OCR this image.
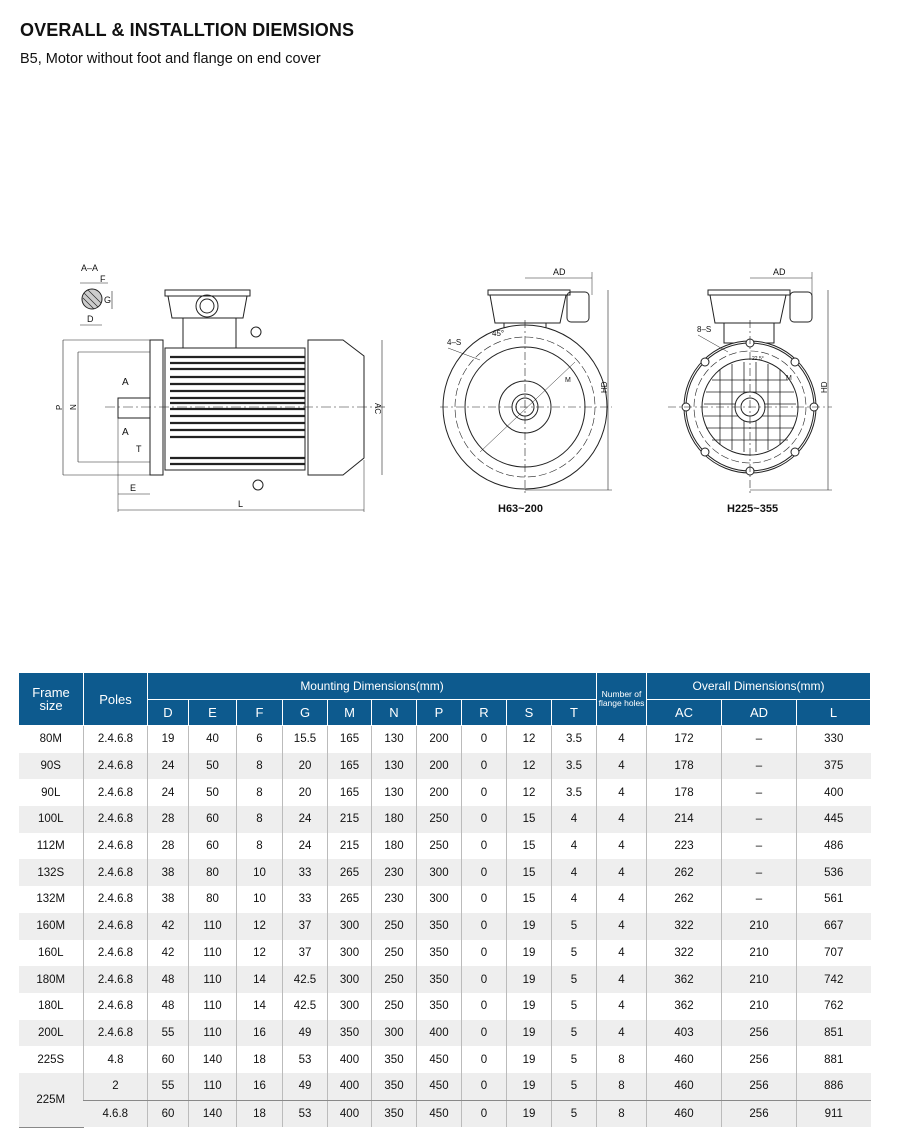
OVERALL & INSTALLTION DIEMSIONS
B5, Motor without foot and flange on end cover
A–A
F
G
D
P N
A
A
T
E
L
AC
M
4–S
45°
AD
HD
H63~200
M
8–S
22.5°
AD
HD
H225~355
Frame size	Poles	Mounting Dimensions(mm)										Number of flange holes	Overall Dimensions(mm)		
		D	E	F	G	M	N	P	R	S	T		AC	AD	L
80M	2.4.6.8	19	40	6	15.5	165	130	200	0	12	3.5	4	172	–	330
90S	2.4.6.8	24	50	8	20	165	130	200	0	12	3.5	4	178	–	375
90L	2.4.6.8	24	50	8	20	165	130	200	0	12	3.5	4	178	–	400
100L	2.4.6.8	28	60	8	24	215	180	250	0	15	4	4	214	–	445
112M	2.4.6.8	28	60	8	24	215	180	250	0	15	4	4	223	–	486
132S	2.4.6.8	38	80	10	33	265	230	300	0	15	4	4	262	–	536
132M	2.4.6.8	38	80	10	33	265	230	300	0	15	4	4	262	–	561
160M	2.4.6.8	42	110	12	37	300	250	350	0	19	5	4	322	210	667
160L	2.4.6.8	42	110	12	37	300	250	350	0	19	5	4	322	210	707
180M	2.4.6.8	48	110	14	42.5	300	250	350	0	19	5	4	362	210	742
180L	2.4.6.8	48	110	14	42.5	300	250	350	0	19	5	4	362	210	762
200L	2.4.6.8	55	110	16	49	350	300	400	0	19	5	4	403	256	851
225S	4.8	60	140	18	53	400	350	450	0	19	5	8	460	256	881
225M	2	55	110	16	49	400	350	450	0	19	5	8	460	256	886
	4.6.8	60	140	18	53	400	350	450	0	19	5	8	460	256	911
